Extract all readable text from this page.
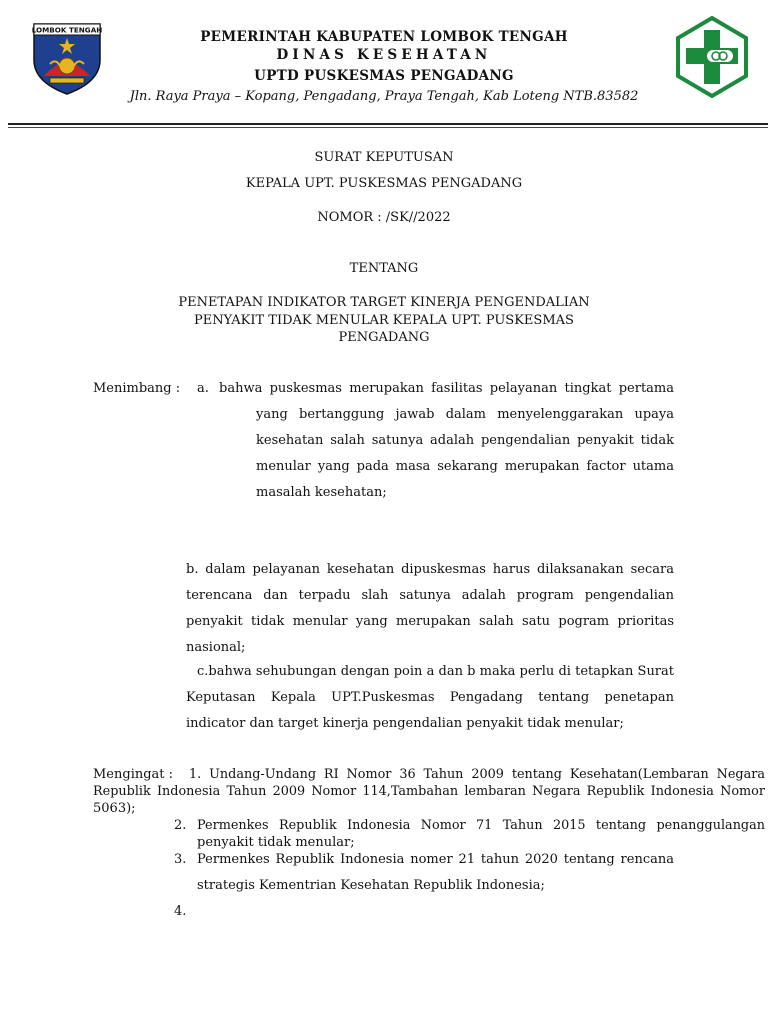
LOMBOK TENGAH	PEMERINTAH KABUPATEN LOMBOK TENGAH
DINAS KESEHATAN
UPTD PUSKESMAS PENGADANG
Jln. Raya Praya – Kopang, Pengadang, Praya Tengah, Kab Loteng NTB.83582
SURAT KEPUTUSAN
KEPALA UPT. PUSKESMAS PENGADANG
NOMOR : /SK//2022
TENTANG
PENETAPAN INDIKATOR TARGET KINERJA PENGENDALIAN
PENYAKIT TIDAK MENULAR KEPALA UPT. PUSKESMAS
PENGADANG
Menimbang : a. bahwa puskesmas merupakan fasilitas pelayanan tingkat pertama
yang bertanggung jawab dalam menyelenggarakan upaya
kesehatan salah satunya adalah pengendalian penyakit tidak
menular yang pada masa sekarang merupakan factor utama
masalah kesehatan;
b. dalam pelayanan kesehatan dipuskesmas harus dilaksanakan secara
terencana dan terpadu slah satunya adalah program pengendalian
penyakit tidak menular yang merupakan salah satu pogram prioritas
nasional;
c.bahwa sehubungan dengan poin a dan b maka perlu di tetapkan Surat
Keputasan Kepala UPT.Puskesmas Pengadang tentang penetapan
indicator dan target kinerja pengendalian penyakit tidak menular;
Mengingat : 1. Undang-Undang RI Nomor 36 Tahun 2009 tentang Kesehatan(Lembaran Negara
Republik Indonesia Tahun 2009 Nomor 114,Tambahan lembaran Negara Republik Indonesia Nomor
5063);
2. Permenkes Republik Indonesia Nomor 71 Tahun 2015 tentang penanggulangan
penyakit tidak menular;
3. Permenkes Republik Indonesia nomer 21 tahun 2020 tentang rencana
strategis Kementrian Kesehatan Republik Indonesia;
4.
